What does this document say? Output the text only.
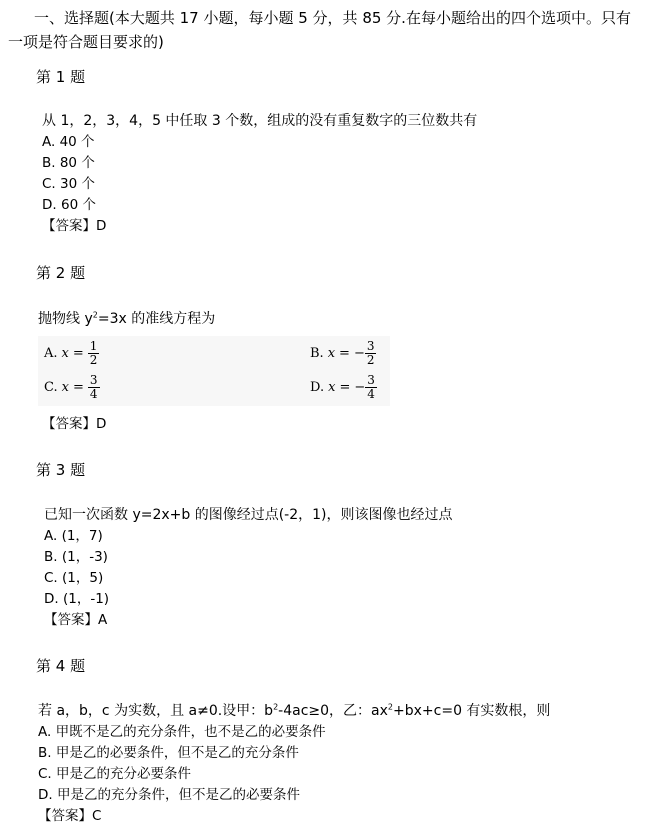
一、选择题(本大题共 17 小题，每小题 5 分，共 85 分.在每小题给出的四个选项中。只有
一项是符合题目要求的)
第 1 题
从 1，2，3，4，5 中任取 3 个数，组成的没有重复数字的三位数共有
A. 40 个
B. 80 个
C. 30 个
D. 60 个
【答案】D
第 2 题
抛物线 $y^2=3x$ 的准线方程为
A. $x = \frac{1}{2}$	B. x = − $\frac{3}{2}$
C. $x = \frac{3}{4}$	D. x = − $\frac{3}{4}$
【答案】D
第 3 题
已知一次函数 y=2x+b 的图像经过点(-2，1)，则该图像也经过点
A. (1，7)
B. (1，-3)
C. (1，5)
D. (1，-1)
【答案】A
第 4 题
若 a，b，c 为实数，且 a≠0.设甲：$b^2-4ac\ge 0$，乙：$ax^2+bx+c=0$ 有实数根，则
A. 甲既不是乙的充分条件，也不是乙的必要条件
B. 甲是乙的必要条件，但不是乙的充分条件
C. 甲是乙的充分必要条件
D. 甲是乙的充分条件，但不是乙的必要条件
【答案】C
